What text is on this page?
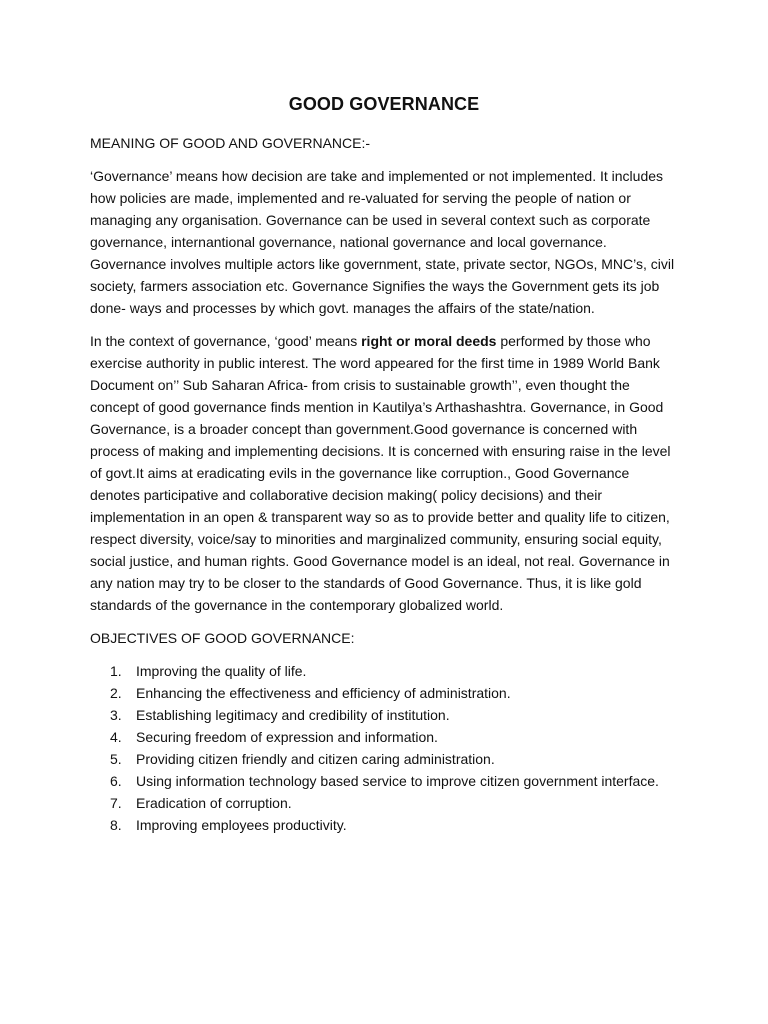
GOOD GOVERNANCE
MEANING OF GOOD AND GOVERNANCE:-

‘Governance’ means how decision are take and implemented or not implemented. It includes how policies are made, implemented and re-valuated for serving the people of nation or managing any organisation. Governance can be used in several context such as corporate governance, internantional governance, national governance and local governance. Governance involves multiple actors like government, state, private sector, NGOs, MNC’s, civil society, farmers association etc. Governance Signifies the ways the Government gets its job done- ways and processes by which govt. manages the affairs of the state/nation.

In the context of governance, ‘good’ means right or moral deeds performed by those who exercise authority in public interest. The word appeared for the first time in 1989 World Bank Document on’’ Sub Saharan Africa- from crisis to sustainable growth’’, even thought the concept of good governance finds mention in Kautilya’s Arthashashtra. Governance, in Good Governance, is a broader concept than government.Good governance is concerned with process of making and implementing decisions. It is concerned with ensuring raise in the level of govt.It aims at eradicating evils in the governance like corruption., Good Governance denotes participative and collaborative decision making( policy decisions) and their implementation in an open & transparent way so as to provide better and quality life to citizen, respect diversity, voice/say to minorities and marginalized community, ensuring social equity, social justice, and human rights. Good Governance model is an ideal, not real. Governance in any nation may try to be closer to the standards of Good Governance. Thus, it is like gold standards of the governance in the contemporary globalized world.

OBJECTIVES OF GOOD GOVERNANCE:
1.	Improving the quality of life.
2.	Enhancing the effectiveness and efficiency of administration.
3.	Establishing legitimacy and credibility of institution.
4.	Securing freedom of expression and information.
5.	Providing citizen friendly and citizen caring administration.
6.	Using information technology based service to improve citizen government interface.
7.	Eradication of corruption.
8.	Improving employees productivity.
